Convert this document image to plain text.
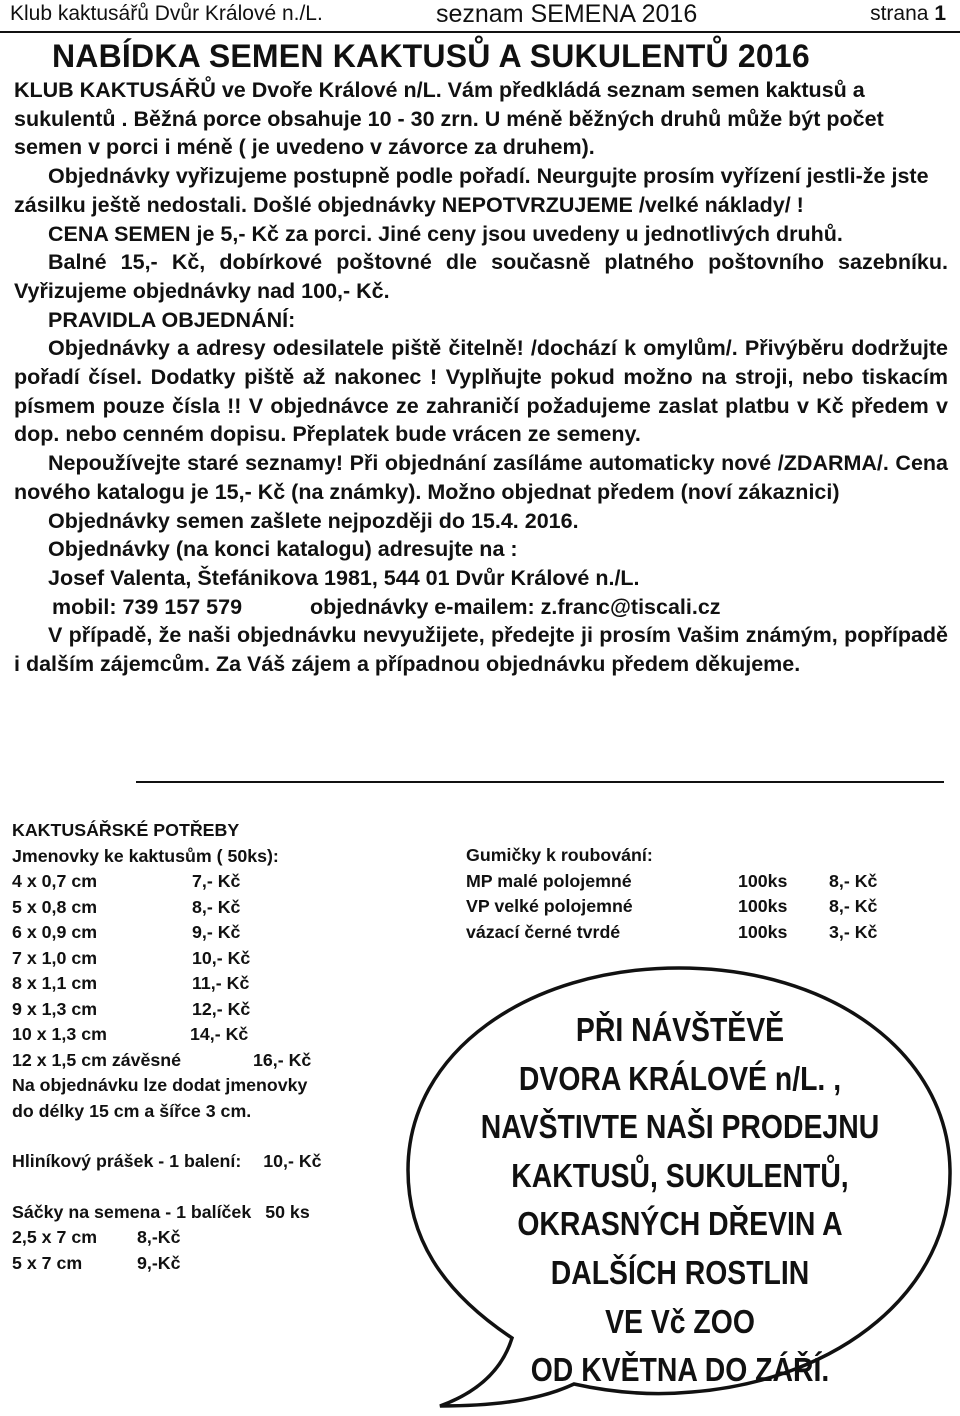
Klub kaktusářů Dvůr Králové n./L.	seznam SEMENA 2016	strana 1
NABÍDKA SEMEN KAKTUSŮ A SUKULENTŮ 2016

KLUB KAKTUSÁŘŮ ve Dvoře Králové n/L. Vám předkládá seznam semen kaktusů a sukulentů . Běžná porce obsahuje 10 - 30 zrn. U méně běžných druhů může být počet semen v porci i méně ( je uvedeno v závorce za druhem).

Objednávky vyřizujeme postupně podle pořadí. Neurgujte prosím vyřízení jestli-že jste zásilku ještě nedostali. Došlé objednávky NEPOTVRZUJEME /velké náklady/ !

CENA SEMEN je 5,- Kč za porci. Jiné ceny jsou uvedeny u jednotlivých druhů.

Balné 15,- Kč, dobírkové poštovné dle současně platného poštovního sazebníku. Vyřizujeme objednávky nad 100,- Kč.

PRAVIDLA OBJEDNÁNÍ:

Objednávky a adresy odesilatele piště čitelně! /dochází k omylům/. Přivýběru dodržujte pořadí čísel. Dodatky piště až nakonec ! Vyplňujte pokud možno na stroji, nebo tiskacím písmem pouze čísla !! V objednávce ze zahraničí požadujeme zaslat platbu v Kč předem v dop. nebo cenném dopisu. Přeplatek bude vrácen ze semeny.

Nepoužívejte staré seznamy! Při objednání zasíláme automaticky nové /ZDARMA/. Cena nového katalogu je 15,- Kč (na známky). Možno objednat předem (noví zákaznici)

Objednávky semen zašlete nejpozději do 15.4. 2016.

Objednávky (na konci katalogu) adresujte na :

Josef Valenta, Štefánikova 1981, 544 01 Dvůr Králové n./L.

mobil: 739 157 579	objednávky e-mailem: z.franc@tiscali.cz

V případě, že naši objednávku nevyužijete, předejte ji prosím Vašim známým, popřípadě i dalším zájemcům. Za Váš zájem a případnou objednávku předem děkujeme.

KAKTUSÁŘSKÉ POTŘEBY
Jmenovky ke kaktusům ( 50ks):
4 x 0,7 cm	7,- Kč
5 x 0,8 cm	8,- Kč
6 x 0,9 cm	9,- Kč
7 x 1,0 cm	10,- Kč
8 x 1,1 cm	11,- Kč
9 x 1,3 cm	12,- Kč
10 x 1,3 cm	14,- Kč
12 x 1,5 cm závěsné	16,- Kč
Na objednávku lze dodat jmenovky
do délky 15 cm a šířce 3 cm.
Hliníkový prášek - 1 balení: 10,- Kč
Sáčky na semena - 1 balíček 50 ks
2,5 x 7 cm	8,-Kč
5 x 7 cm	9,-Kč
Gumičky k roubování:
MP malé polojemné	100ks	8,- Kč
VP velké polojemné	100ks	8,- Kč
vázací černé tvrdé	100ks	3,- Kč
PŘI NÁVŠTĚVĚ
DVORA KRÁLOVÉ n/L. ,
NAVŠTIVTE NAŠI PRODEJNU
KAKTUSŮ, SUKULENTŮ,
OKRASNÝCH DŘEVIN A
DALŠÍCH ROSTLIN
VE Vč ZOO
OD KVĚTNA DO ZÁŘÍ.
